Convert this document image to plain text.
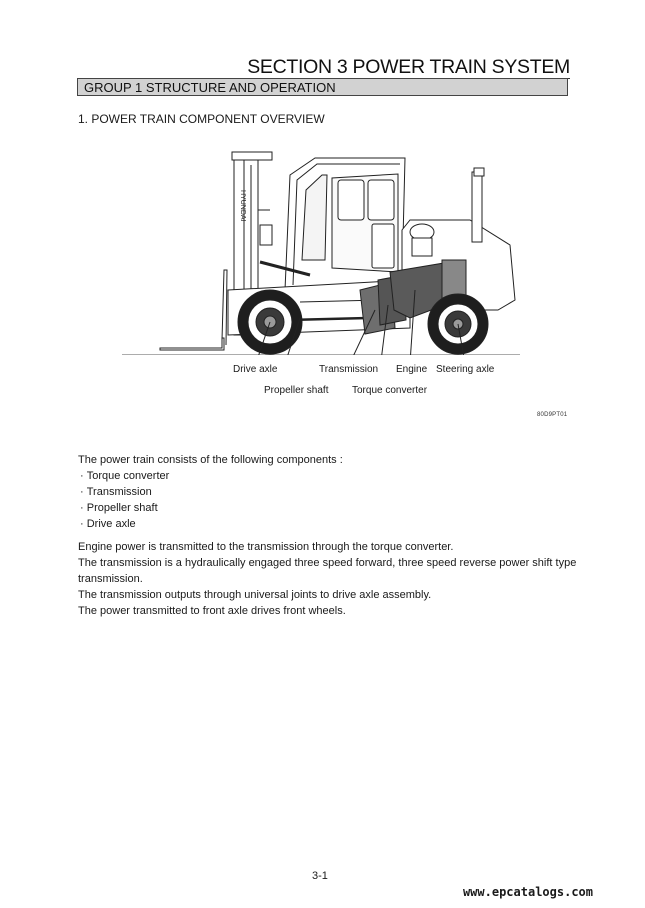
SECTION 3 POWER TRAIN SYSTEM
GROUP 1 STRUCTURE AND OPERATION
1. POWER TRAIN COMPONENT OVERVIEW
HYUNDAI
Drive axle	Transmission Engine Steering axle
Propeller shaft Torque converter
80D9PT01

The power train consists of the following components :

· Torque converter
· Transmission
· Propeller shaft
· Drive axle

Engine power is transmitted to the transmission through the torque converter.

The transmission is a hydraulically engaged three speed forward, three speed reverse power shift type transmission.

The transmission outputs through universal joints to drive axle assembly.

The power transmitted to front axle drives front wheels.

3-1
www.epcatalogs.com
